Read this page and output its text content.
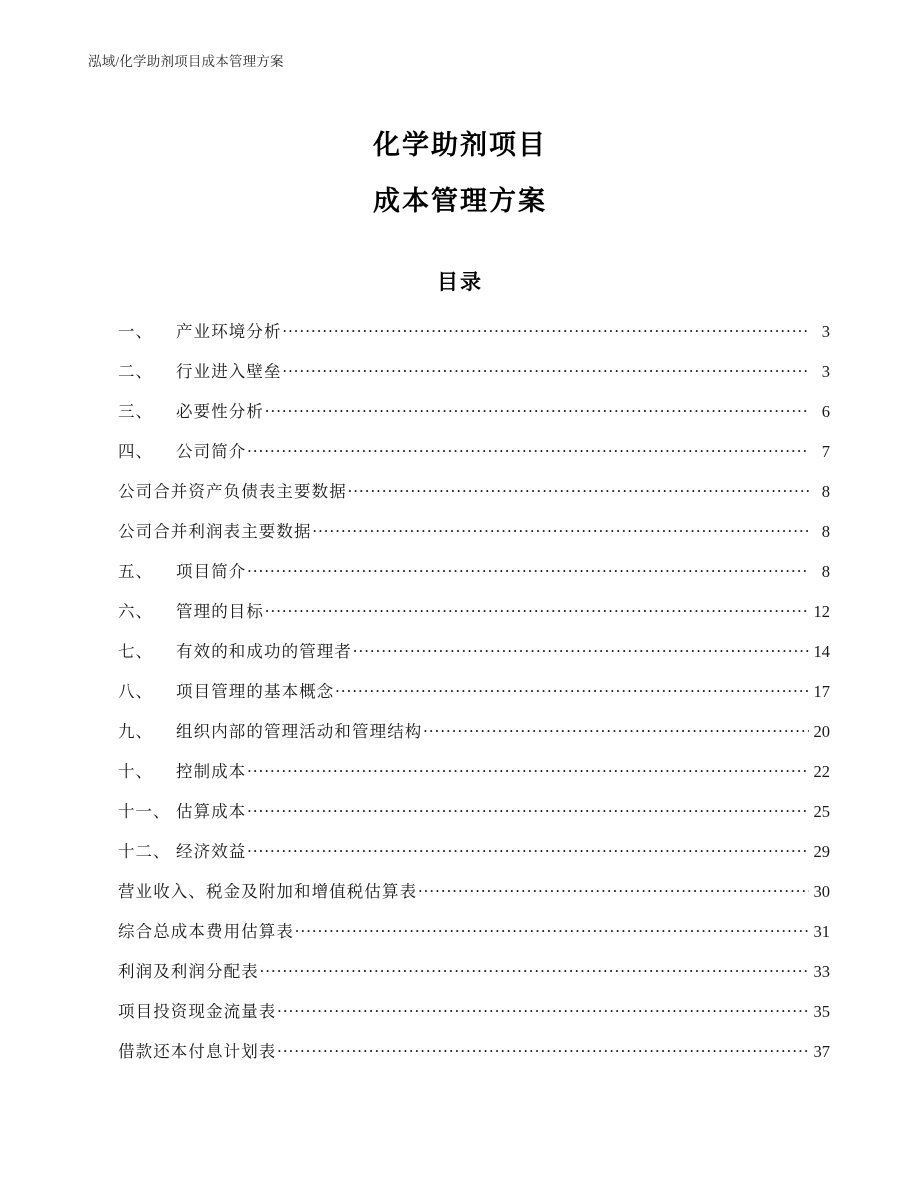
泓域/化学助剂项目成本管理方案
化学助剂项目
成本管理方案
目录
一、	产业环境分析 .....	3
二、	行业进入壁垒 .....	3
三、	必要性分析 .....	6
四、	公司简介 .....	7
公司合并资产负债表主要数据 .....	8
公司合并利润表主要数据 .....	8
五、	项目简介 .....	8
六、	管理的目标 .....	12
七、	有效的和成功的管理者 .....	14
八、	项目管理的基本概念 .....	17
九、	组织内部的管理活动和管理结构 .....	20
十、	控制成本 .....	22
十一、 估算成本 .....	25
十二、 经济效益 .....	29
营业收入、税金及附加和增值税估算表 .....	30
综合总成本费用估算表 .....	31
利润及利润分配表 .....	33
项目投资现金流量表 .....	35
借款还本付息计划表 .....	37
